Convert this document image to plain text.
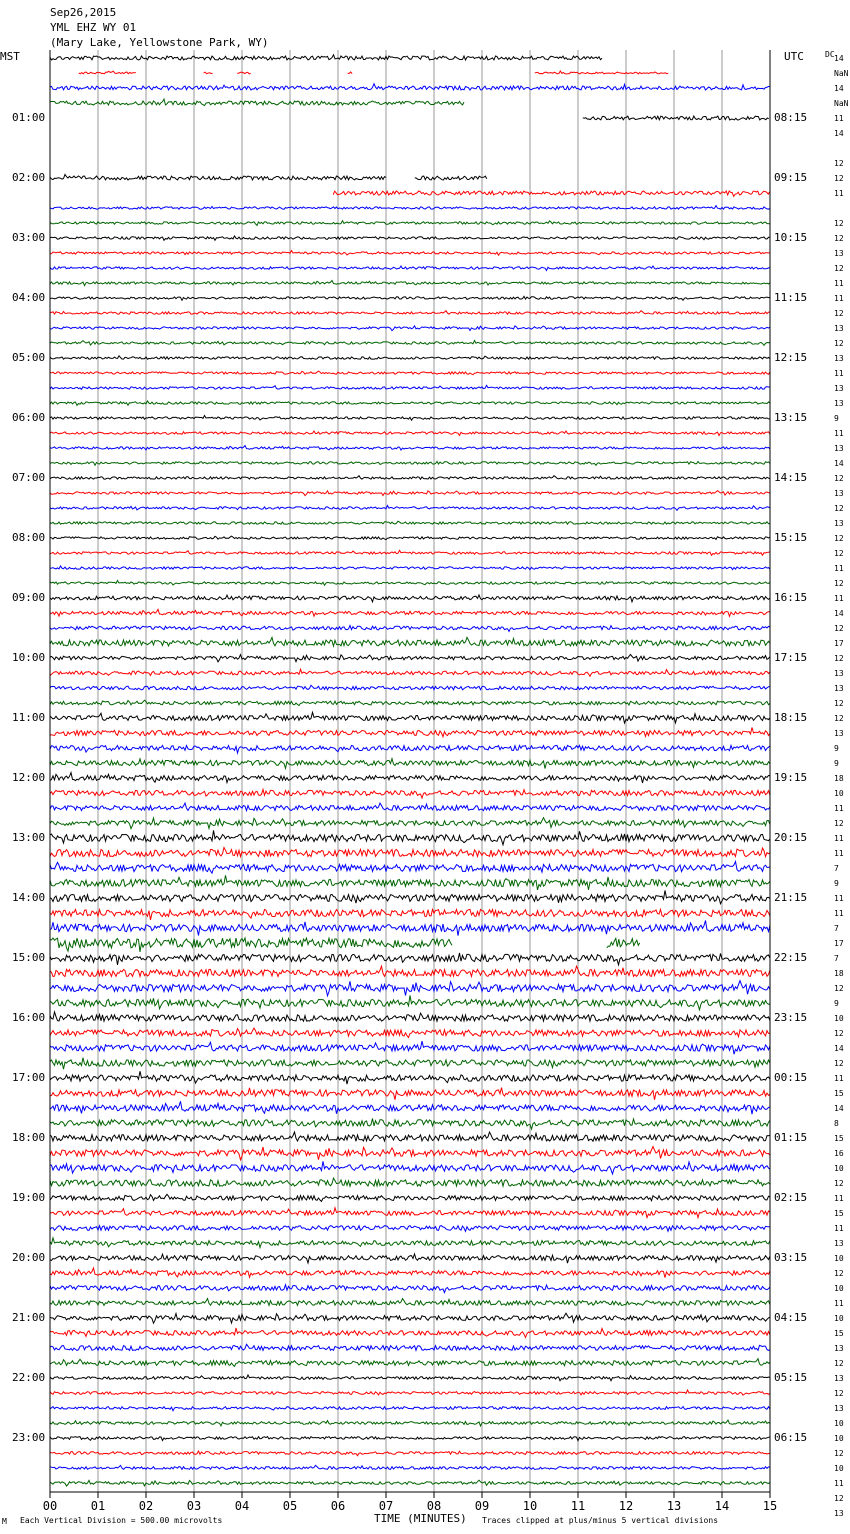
Sep26,2015
YML EHZ WY 01
(Mary Lake, Yellowstone Park, WY)
MST	UTC	DC
00	01	02	03	04	05	06	07	08	09	10	11	12	13	14	15
01:00
02:00
03:00
04:00
05:00
06:00
07:00
08:00
09:00
10:00
11:00
12:00
13:00
14:00
15:00
16:00
17:00
18:00
19:00
20:00
21:00
22:00
23:00
08:15
09:15
10:15
11:15
12:15
13:15
14:15
15:15
16:15
17:15
18:15
19:15
20:15
21:15
22:15
23:15
00:15
01:15
02:15
03:15
04:15
05:15
06:15
14
NaN
14
NaN
11
14
12
12
11
12
12
13
12
11
11
12
13
12
13
11
13
13
9
11
13
14
12
13
12
13
12
12
11
12
11
14
12
17
12
13
13
12
12
13
9
9
18
10
11
12
11
11
7
9
11
11
7
17
7
18
12
9
10
12
14
12
11
15
14
8
15
16
10
12
11
15
11
13
10
12
10
11
10
15
13
12
13
12
13
10
10
12
10
11
12
13
M Each Vertical Division = 500.00 microvolts	TIME (MINUTES) Traces clipped at plus/minus 5 vertical divisions
